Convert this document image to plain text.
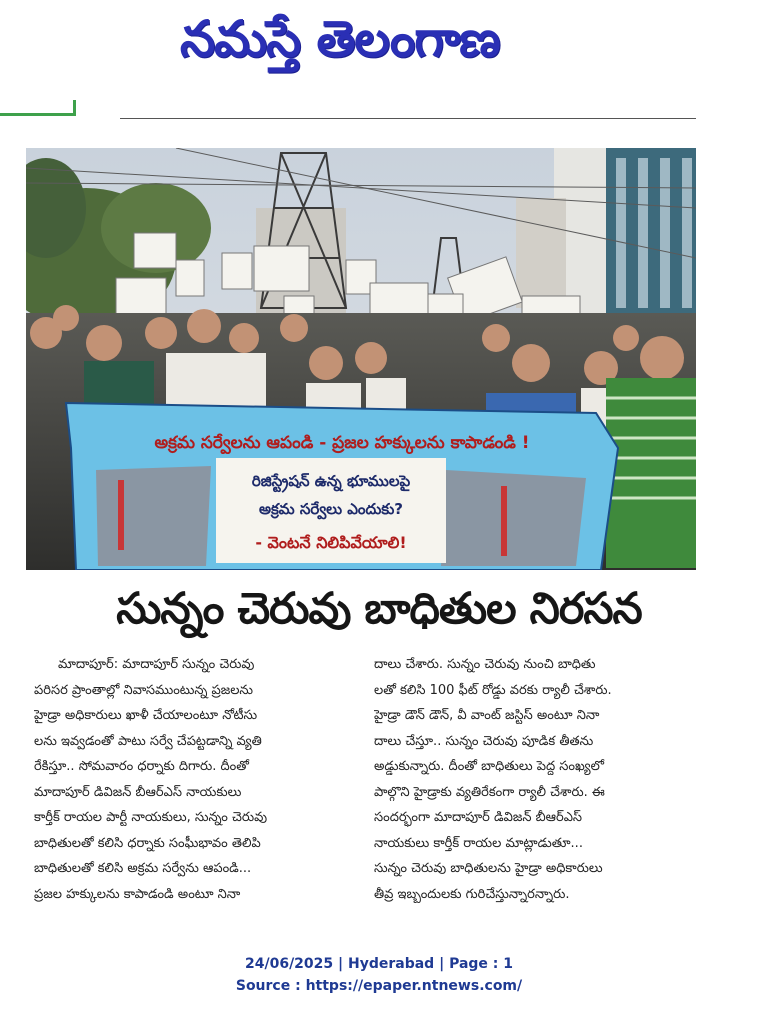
నమస్తే తెలంగాణ
అక్రమ సర్వేలను ఆపండి - ప్రజల హక్కులను కాపాడండి !
రిజిస్ట్రేషన్ ఉన్న భూములపై
అక్రమ సర్వేలు ఎందుకు?
- వెంటనే నిలిపివేయాలి!
సున్నం చెరువు బాధితుల నిరసన
మాదాపూర్: మాదాపూర్ సున్నం చెరువు
పరిసర ప్రాంతాల్లో నివాసముంటున్న ప్రజలను
హైడ్రా అధికారులు ఖాళీ చేయాలంటూ నోటీసు
లను ఇవ్వడంతో పాటు సర్వే చేపట్టడాన్ని వ్యతి
రేకిస్తూ.. సోమవారం ధర్నాకు దిగారు. దీంతో
మాదాపూర్ డివిజన్ బీఆర్ఎస్ నాయకులు
కార్తీక్ రాయల పార్టీ నాయకులు, సున్నం చెరువు
బాధితులతో కలిసి ధర్నాకు సంఘీభావం తెలిపి
బాధితులతో కలిసి అక్రమ సర్వేను ఆపండి...
ప్రజల హక్కులను కాపాడండి అంటూ నినా
దాలు చేశారు. సున్నం చెరువు నుంచి బాధితు
లతో కలిసి 100 ఫీట్ రోడ్డు వరకు ర్యాలీ చేశారు.
హైడ్రా డౌన్ డౌన్, వీ వాంట్ జస్టిస్ అంటూ నినా
దాలు చేస్తూ.. సున్నం చెరువు పూడిక తీతను
అడ్డుకున్నారు. దీంతో బాధితులు పెద్ద సంఖ్యలో
పాల్గొని హైడ్రాకు వ్యతిరేకంగా ర్యాలీ చేశారు. ఈ
సందర్భంగా మాదాపూర్ డివిజన్ బీఆర్ఎస్
నాయకులు కార్తీక్ రాయల మాట్లాడుతూ...
సున్నం చెరువు బాధితులను హైడ్రా అధికారులు
తీవ్ర ఇబ్బందులకు గురిచేస్తున్నారన్నారు.
24/06/2025 | Hyderabad | Page : 1
Source : https://epaper.ntnews.com/
